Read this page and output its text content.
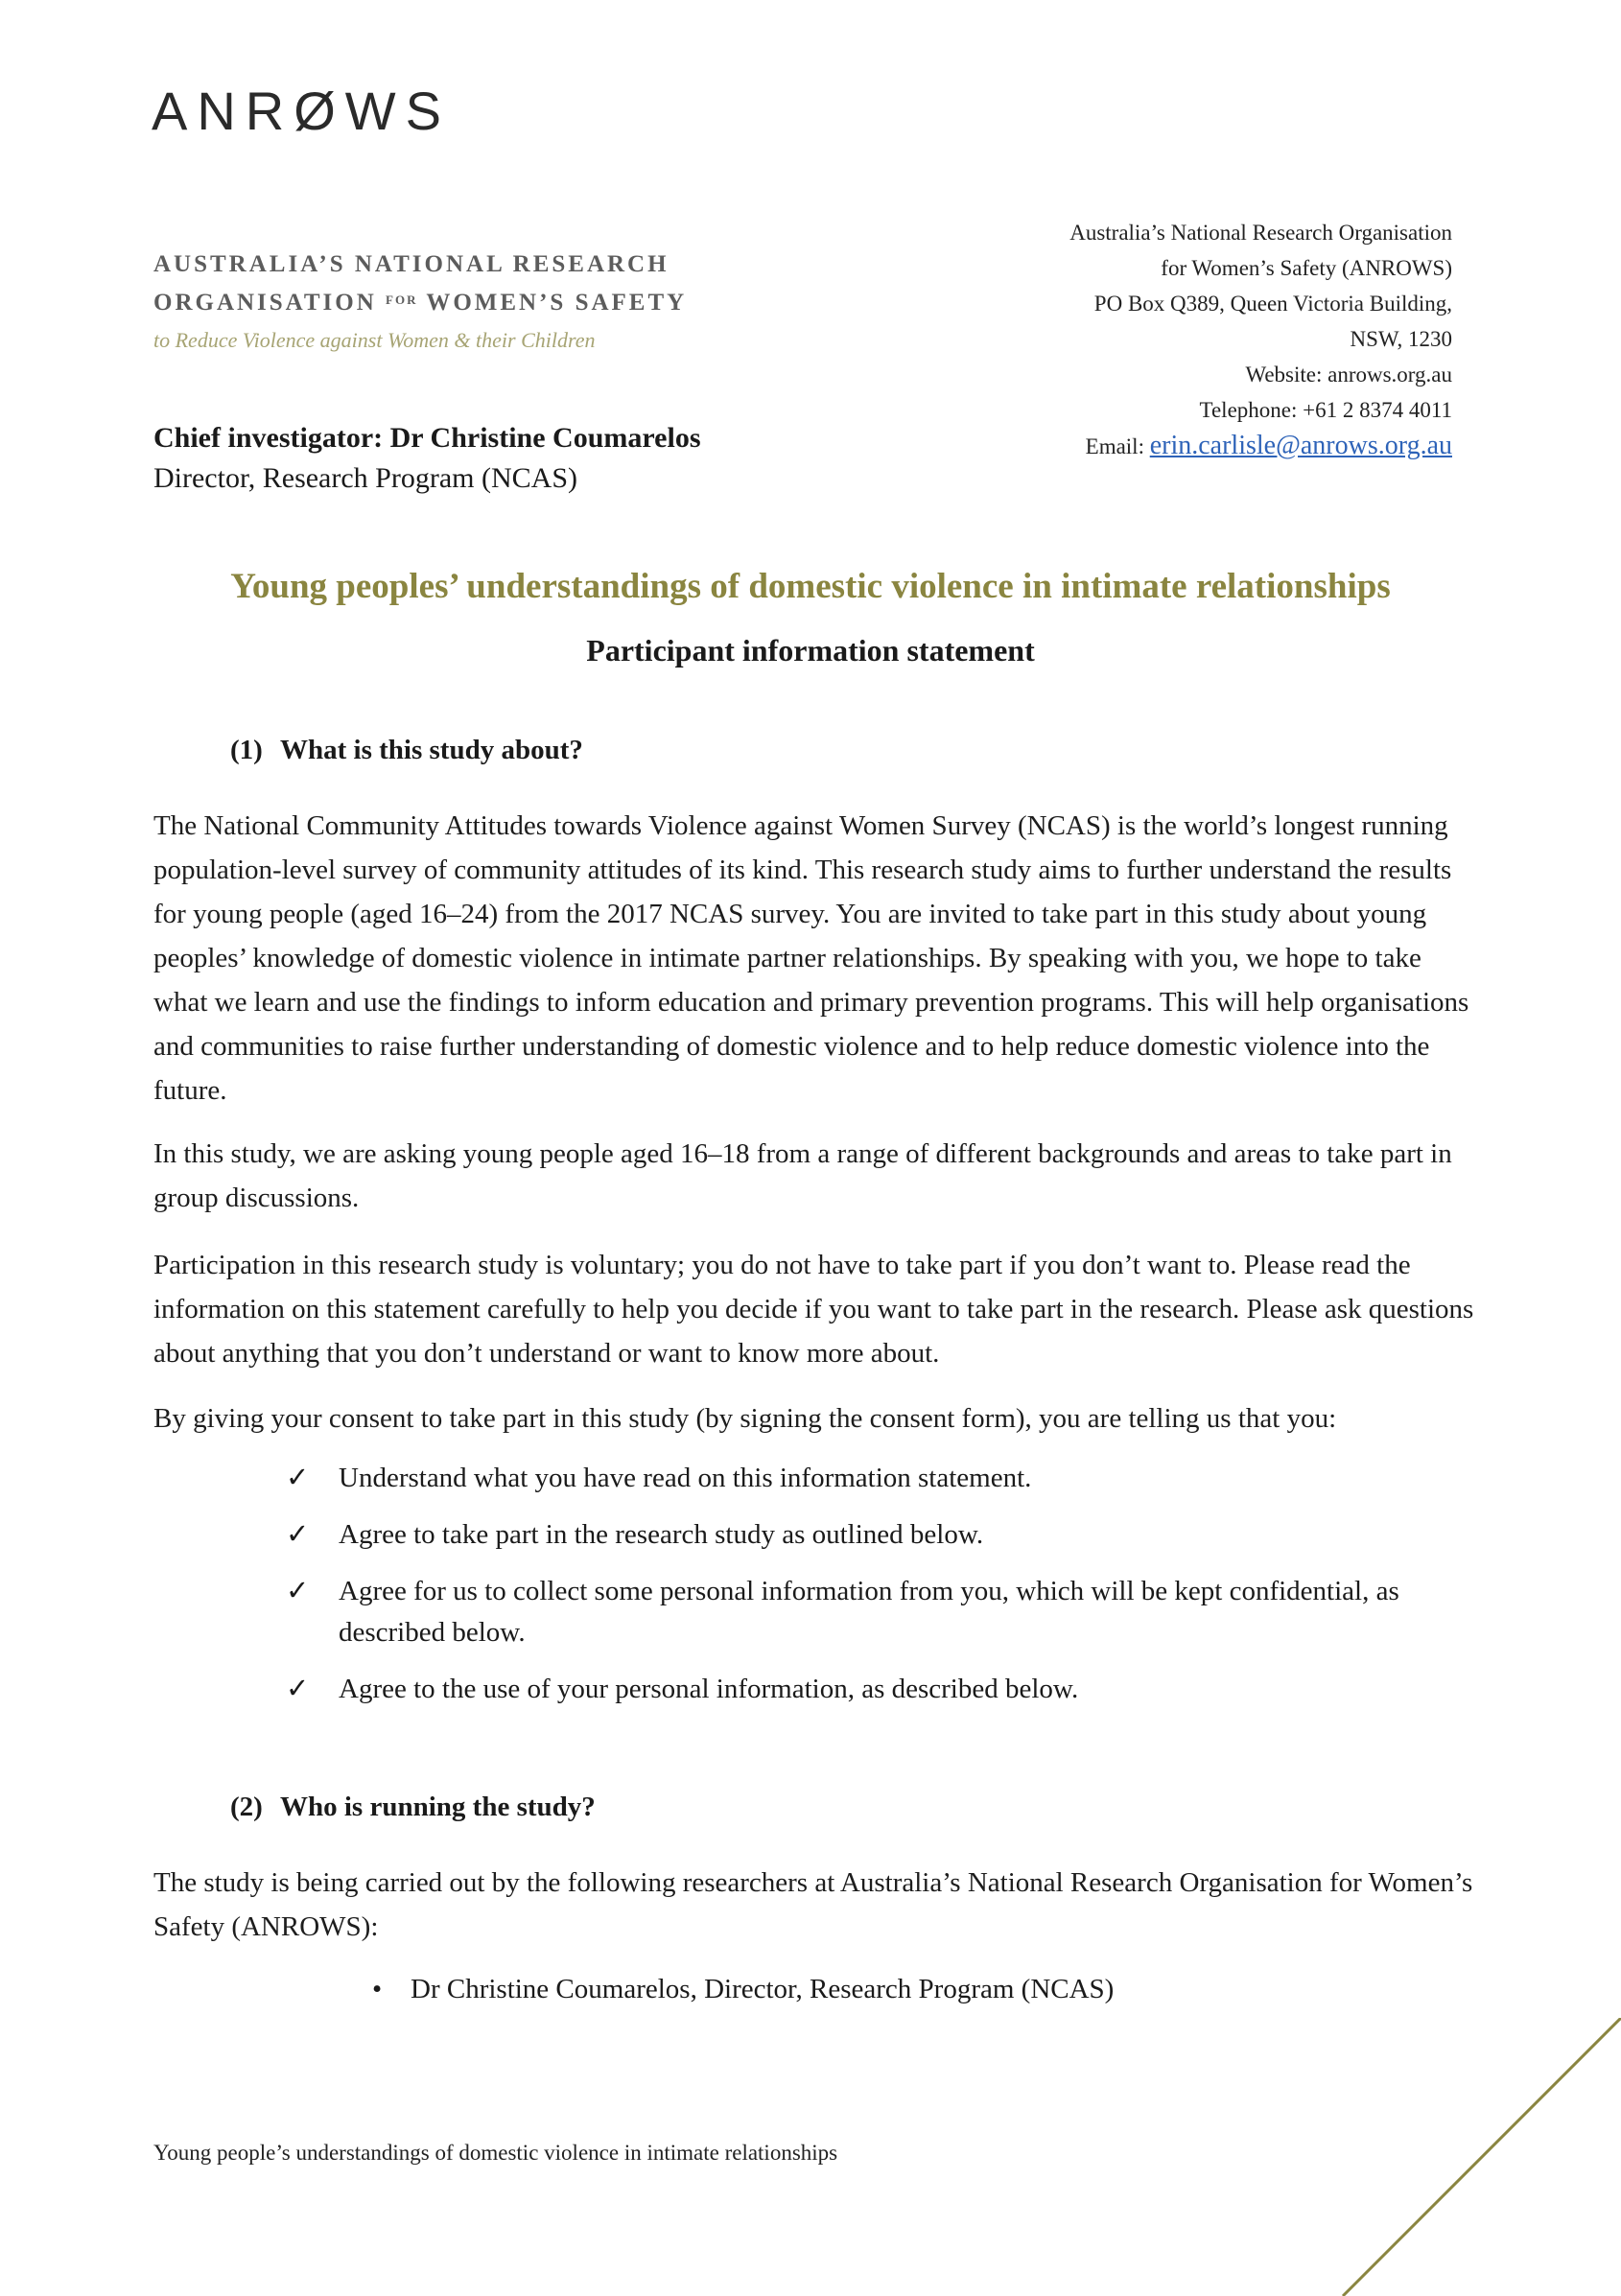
ANRØWS
AUSTRALIA’S NATIONAL RESEARCH
ORGANISATION $^{FOR}$ WOMEN’S SAFETY
to Reduce Violence against Women & their Children
Australia’s National Research Organisation
for Women’s Safety (ANROWS)
PO Box Q389, Queen Victoria Building,
NSW, 1230
Website: anrows.org.au
Telephone: +61 2 8374 4011
Email: erin.carlisle@anrows.org.au
Chief investigator: Dr Christine Coumarelos
Director, Research Program (NCAS)
Young peoples’ understandings of domestic violence in intimate relationships
Participant information statement
(1) What is this study about?
The National Community Attitudes towards Violence against Women Survey (NCAS) is the world’s longest running population-level survey of community attitudes of its kind. This research study aims to further understand the results for young people (aged 16–24) from the 2017 NCAS survey. You are invited to take part in this study about young peoples’ knowledge of domestic violence in intimate partner relationships. By speaking with you, we hope to take what we learn and use the findings to inform education and primary prevention programs. This will help organisations and communities to raise further understanding of domestic violence and to help reduce domestic violence into the future.
In this study, we are asking young people aged 16–18 from a range of different backgrounds and areas to take part in group discussions.
Participation in this research study is voluntary; you do not have to take part if you don’t want to. Please read the information on this statement carefully to help you decide if you want to take part in the research. Please ask questions about anything that you don’t understand or want to know more about.
By giving your consent to take part in this study (by signing the consent form), you are telling us that you:
✓ Understand what you have read on this information statement.
✓ Agree to take part in the research study as outlined below.
✓ Agree for us to collect some personal information from you, which will be kept confidential, as described below.
✓ Agree to the use of your personal information, as described below.
(2) Who is running the study?
The study is being carried out by the following researchers at Australia’s National Research Organisation for Women’s Safety (ANROWS):
• Dr Christine Coumarelos, Director, Research Program (NCAS)
Young people’s understandings of domestic violence in intimate relationships
